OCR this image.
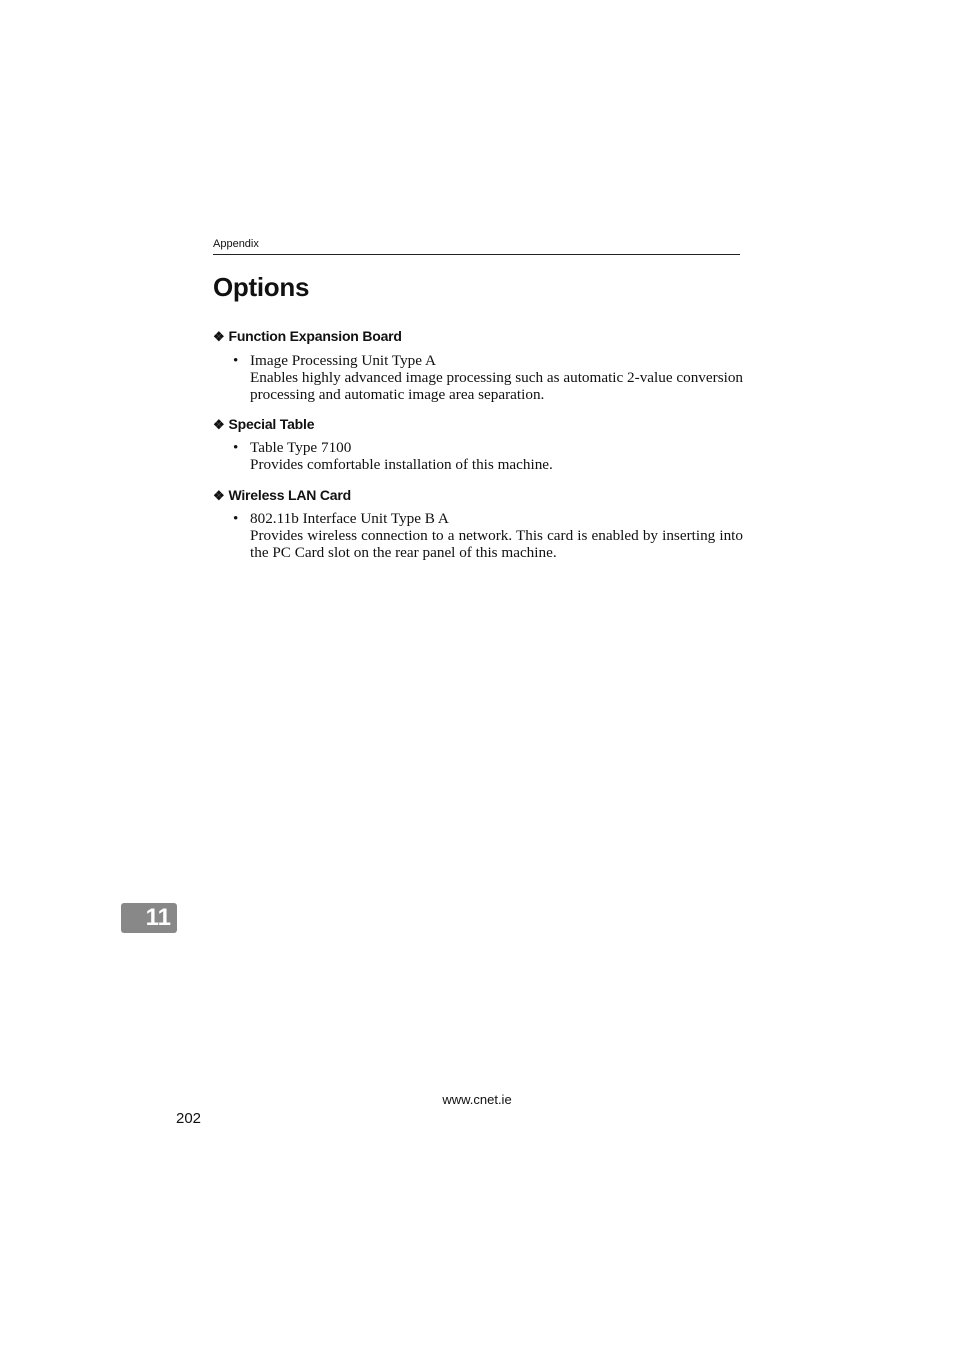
Appendix
Options
❖ Function Expansion Board
• Image Processing Unit Type A
Enables highly advanced image processing such as automatic 2-value conversion processing and automatic image area separation.
❖ Special Table
• Table Type 7100
Provides comfortable installation of this machine.
❖ Wireless LAN Card
• 802.11b Interface Unit Type B A
Provides wireless connection to a network. This card is enabled by inserting into the PC Card slot on the rear panel of this machine.
11
www.cnet.ie
202
